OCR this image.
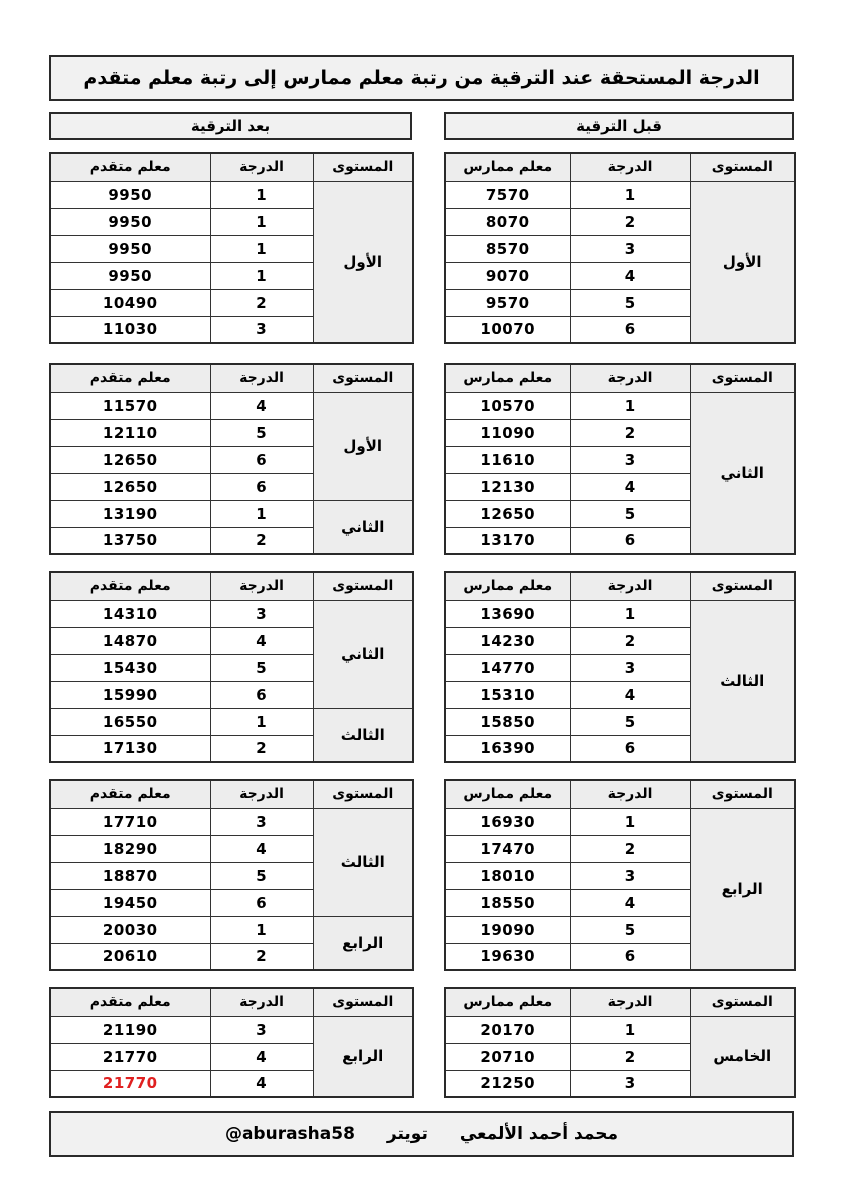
الدرجة المستحقة عند الترقية من رتبة معلم ممارس إلى رتبة معلم متقدم
قبل الترقية
بعد الترقية
المستوى	الدرجة	معلم ممارس
الأول	1	7570
	2	8070
	3	8570
	4	9070
	5	9570
	6	10070
المستوى	الدرجة	معلم ممارس
الثاني	1	10570
	2	11090
	3	11610
	4	12130
	5	12650
	6	13170
المستوى	الدرجة	معلم ممارس
الثالث	1	13690
	2	14230
	3	14770
	4	15310
	5	15850
	6	16390
المستوى	الدرجة	معلم ممارس
الرابع	1	16930
	2	17470
	3	18010
	4	18550
	5	19090
	6	19630
المستوى	الدرجة	معلم ممارس
الخامس	1	20170
	2	20710
	3	21250
المستوى	الدرجة	معلم متقدم
الأول	1	9950
	1	9950
	1	9950
	1	9950
	2	10490
	3	11030
المستوى	الدرجة	معلم متقدم
الأول	4	11570
	5	12110
	6	12650
	6	12650
الثاني	1	13190
	2	13750
المستوى	الدرجة	معلم متقدم
الثاني	3	14310
	4	14870
	5	15430
	6	15990
الثالث	1	16550
	2	17130
المستوى	الدرجة	معلم متقدم
الثالث	3	17710
	4	18290
	5	18870
	6	19450
الرابع	1	20030
	2	20610
المستوى	الدرجة	معلم متقدم
الرابع	3	21190
	4	21770
	4	21770
محمد أحمد الألمعي
تويتر
@aburasha58
